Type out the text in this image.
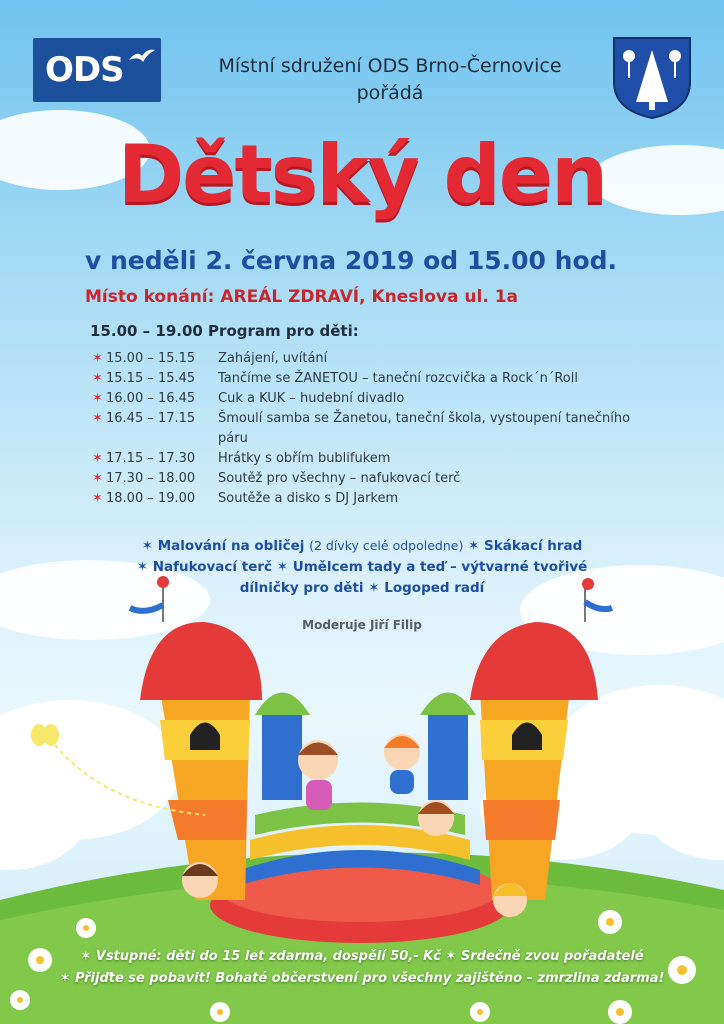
ODS	Místní sdružení ODS Brno-Černovice
pořádá
Dětský den
v neděli 2. června 2019 od 15.00 hod.
Místo konání: AREÁL ZDRAVÍ, Kneslova ul. 1a
15.00 – 19.00 Program pro děti:
✶ 15.00 – 15.15	Zahájení, uvítání
✶ 15.15 – 15.45	Tančíme se ŽANETOU – taneční rozcvička a Rock´n´Roll
✶ 16.00 – 16.45	Cuk a KUK – hudební divadlo
✶ 16.45 – 17.15	Šmoulí samba se Žanetou, taneční škola, vystoupení tanečního páru
✶ 17.15 – 17.30	Hrátky s obřím bublifukem
✶ 17.30 – 18.00	Soutěž pro všechny – nafukovací terč
✶ 18.00 – 19.00	Soutěže a disko s DJ Jarkem
✶ Malování na obličej (2 dívky celé odpoledne) ✶ Skákací hrad
✶ Nafukovací terč ✶ Umělcem tady a teď – výtvarné tvořivé dílničky pro děti ✶ Logoped radí
Moderuje Jiří Filip
✶ Vstupné: děti do 15 let zdarma, dospělí 50,- Kč ✶ Srdečně zvou pořadatelé
✶ Přijďte se pobavit! Bohaté občerstvení pro všechny zajištěno – zmrzlina zdarma!
